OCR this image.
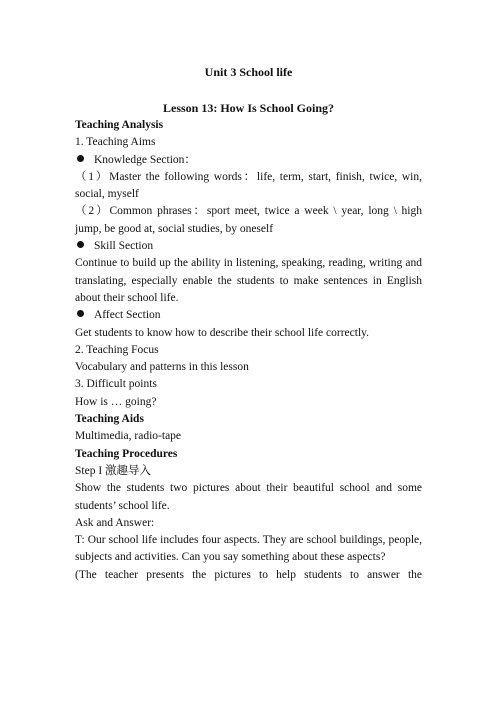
Unit 3 School life

Lesson 13: How Is School Going?

Teaching Analysis

1. Teaching Aims

Knowledge Section：

（1）Master the following words：life, term, start, finish, twice, win, social, myself

（2）Common phrases：sport meet, twice a week \ year, long \ high jump, be good at, social studies, by oneself

Skill Section

Continue to build up the ability in listening, speaking, reading, writing and translating, especially enable the students to make sentences in English about their school life.

Affect Section

Get students to know how to describe their school life correctly.

2. Teaching Focus

Vocabulary and patterns in this lesson

3. Difficult points

How is … going?

Teaching Aids

Multimedia, radio-tape

Teaching Procedures

Step I 激趣导入

Show the students two pictures about their beautiful school and some students’ school life.

Ask and Answer:

T: Our school life includes four aspects. They are school buildings, people, subjects and activities. Can you say something about these aspects?

(The teacher presents the pictures to help students to answer the
